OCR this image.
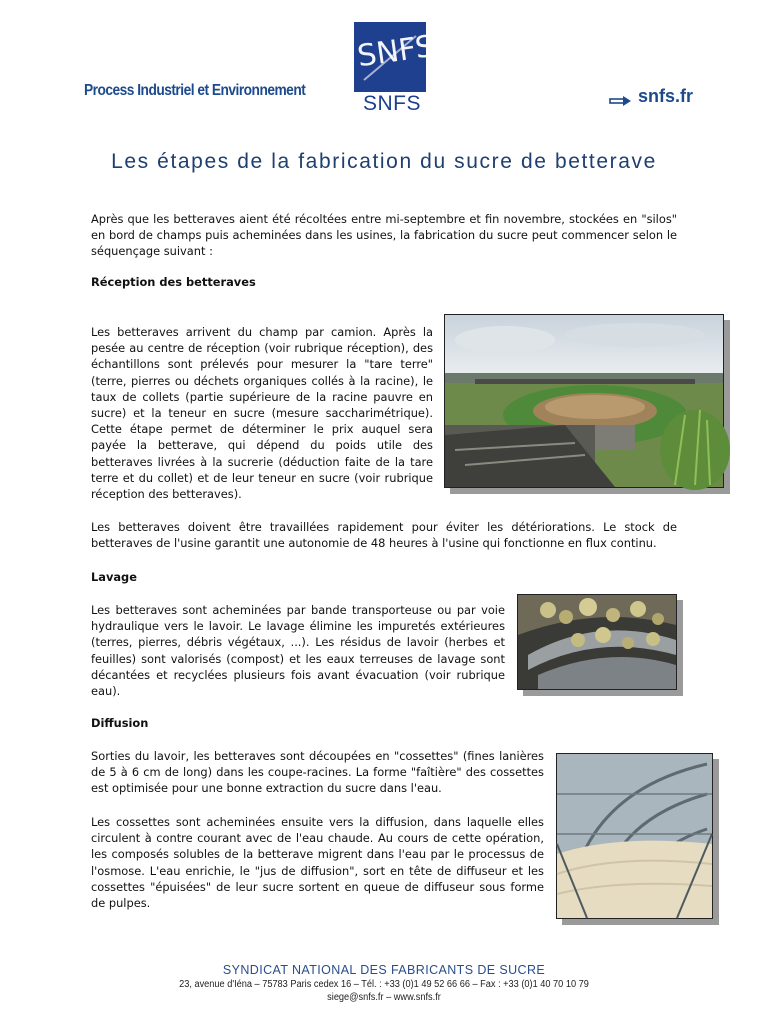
Process Industriel et Environnement
SNFS
SNFS	snfs.fr
Les étapes de la fabrication du sucre de betterave

Après que les betteraves aient été récoltées entre mi-septembre et fin novembre, stockées en "silos" en bord de champs puis acheminées dans les usines, la fabrication du sucre peut commencer selon le séquençage suivant :

Réception des betteraves

Les betteraves arrivent du champ par camion. Après la pesée au centre de réception (voir rubrique réception), des échantillons sont prélevés pour mesurer la "tare terre" (terre, pierres ou déchets organiques collés à la racine), le taux de collets (partie supérieure de la racine pauvre en sucre) et la teneur en sucre (mesure saccharimétrique). Cette étape permet de déterminer le prix auquel sera payée la betterave, qui dépend du poids utile des betteraves livrées à la sucrerie (déduction faite de la tare terre et du collet) et de leur teneur en sucre (voir rubrique réception des betteraves).

Les betteraves doivent être travaillées rapidement pour éviter les détériorations. Le stock de betteraves de l'usine garantit une autonomie de 48 heures à l'usine qui fonctionne en flux continu.

Lavage

Les betteraves sont acheminées par bande transporteuse ou par voie hydraulique vers le lavoir. Le lavage élimine les impuretés extérieures (terres, pierres, débris végétaux, ...). Les résidus de lavoir (herbes et feuilles) sont valorisés (compost) et les eaux terreuses de lavage sont décantées et recyclées plusieurs fois avant évacuation (voir rubrique eau).

Diffusion

Sorties du lavoir, les betteraves sont découpées en "cossettes" (fines lanières de 5 à 6 cm de long) dans les coupe-racines. La forme "faîtière" des cossettes est optimisée pour une bonne extraction du sucre dans l'eau.

Les cossettes sont acheminées ensuite vers la diffusion, dans laquelle elles circulent à contre courant avec de l'eau chaude. Au cours de cette opération, les composés solubles de la betterave migrent dans l'eau par le processus de l'osmose. L'eau enrichie, le "jus de diffusion", sort en tête de diffuseur et les cossettes "épuisées" de leur sucre sortent en queue de diffuseur sous forme de pulpes.

SYNDICAT NATIONAL DES FABRICANTS DE SUCRE
23, avenue d'Iéna – 75783 Paris cedex 16 – Tél. : +33 (0)1 49 52 66 66 – Fax : +33 (0)1 40 70 10 79
siege@snfs.fr – www.snfs.fr
